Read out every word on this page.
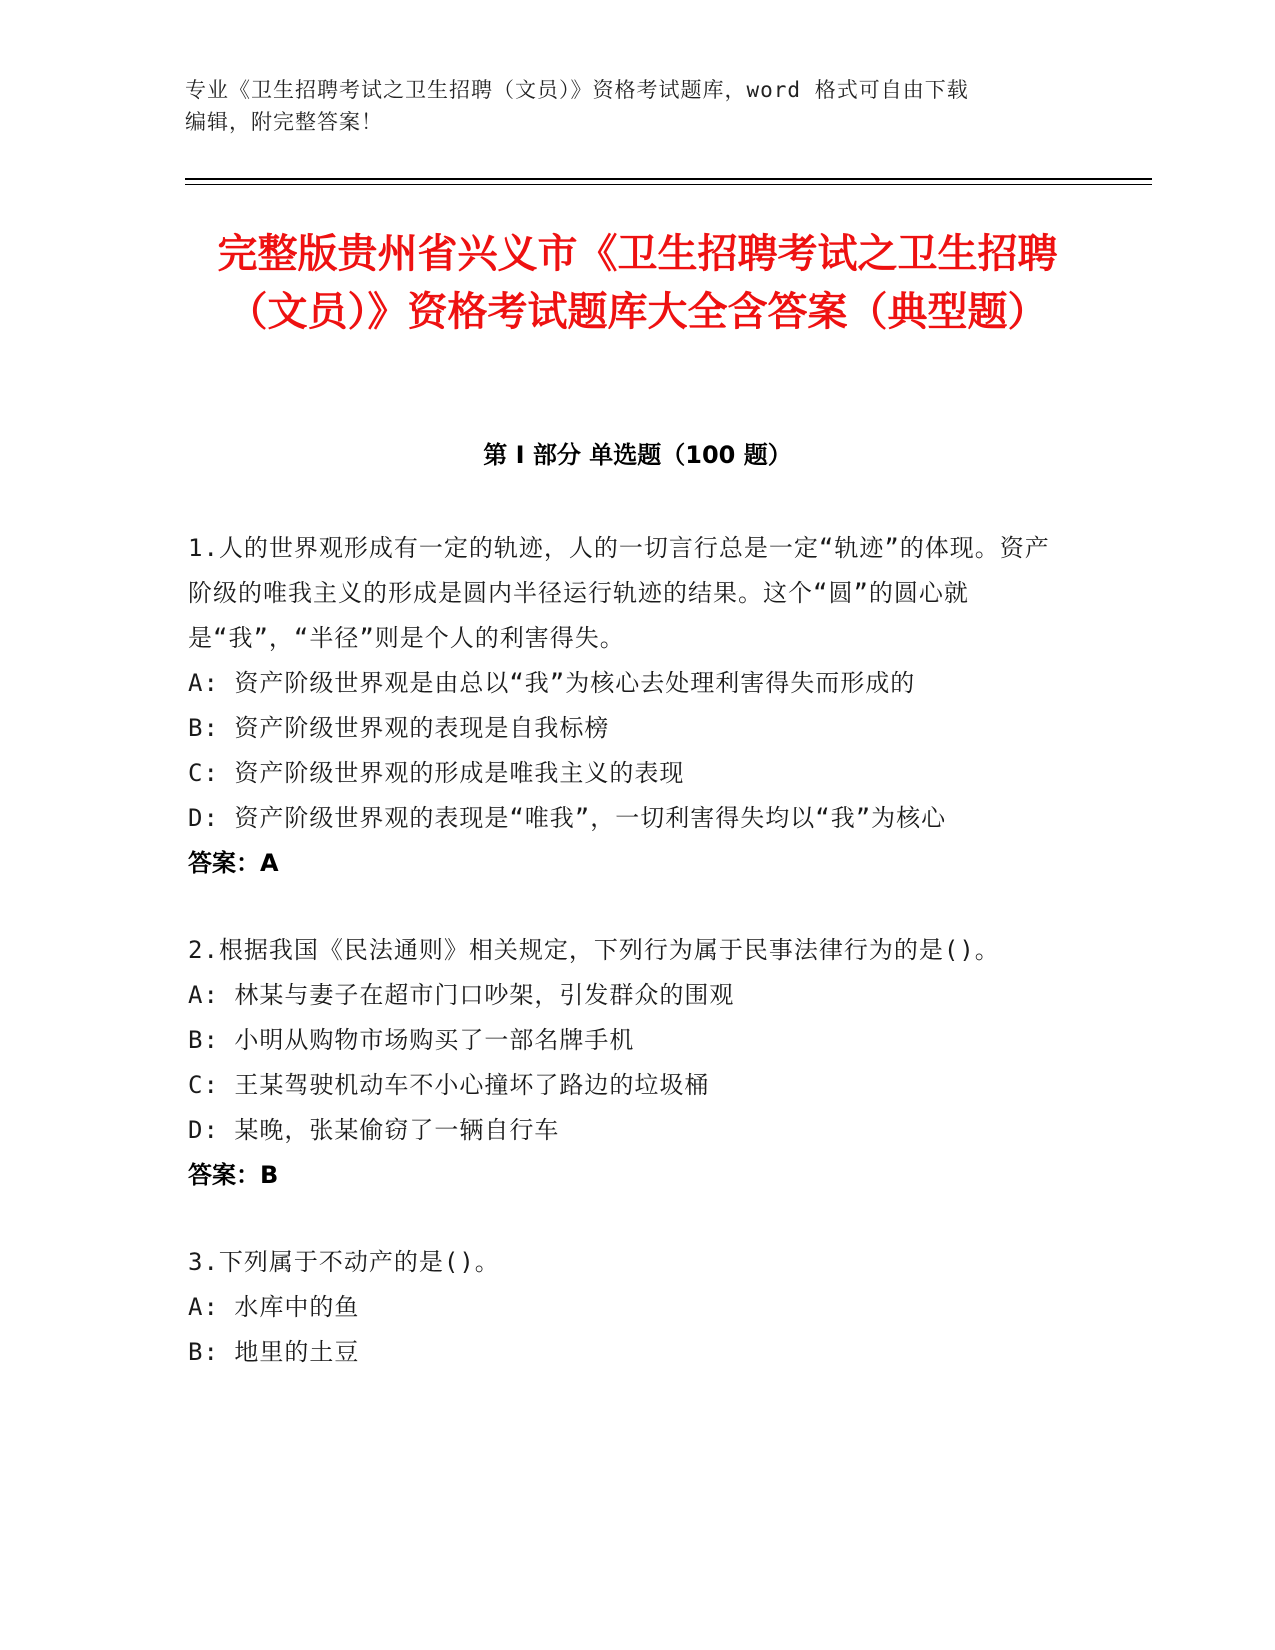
专业《卫生招聘考试之卫生招聘（文员）》资格考试题库，word 格式可自由下载
编辑，附完整答案！
完整版贵州省兴义市《卫生招聘考试之卫生招聘（文员）》资格考试题库大全含答案（典型题）
第 I 部分 单选题（100 题）
1.人的世界观形成有一定的轨迹，人的一切言行总是一定“轨迹”的体现。资产阶级的唯我主义的形成是圆内半径运行轨迹的结果。这个“圆”的圆心就是“我”，“半径”则是个人的利害得失。
A: 资产阶级世界观是由总以“我”为核心去处理利害得失而形成的
B: 资产阶级世界观的表现是自我标榜
C: 资产阶级世界观的形成是唯我主义的表现
D: 资产阶级世界观的表现是“唯我”，一切利害得失均以“我”为核心
答案：A
2.根据我国《民法通则》相关规定，下列行为属于民事法律行为的是()。
A: 林某与妻子在超市门口吵架，引发群众的围观
B: 小明从购物市场购买了一部名牌手机
C: 王某驾驶机动车不小心撞坏了路边的垃圾桶
D: 某晚，张某偷窃了一辆自行车
答案：B
3.下列属于不动产的是()。
A: 水库中的鱼
B: 地里的土豆
